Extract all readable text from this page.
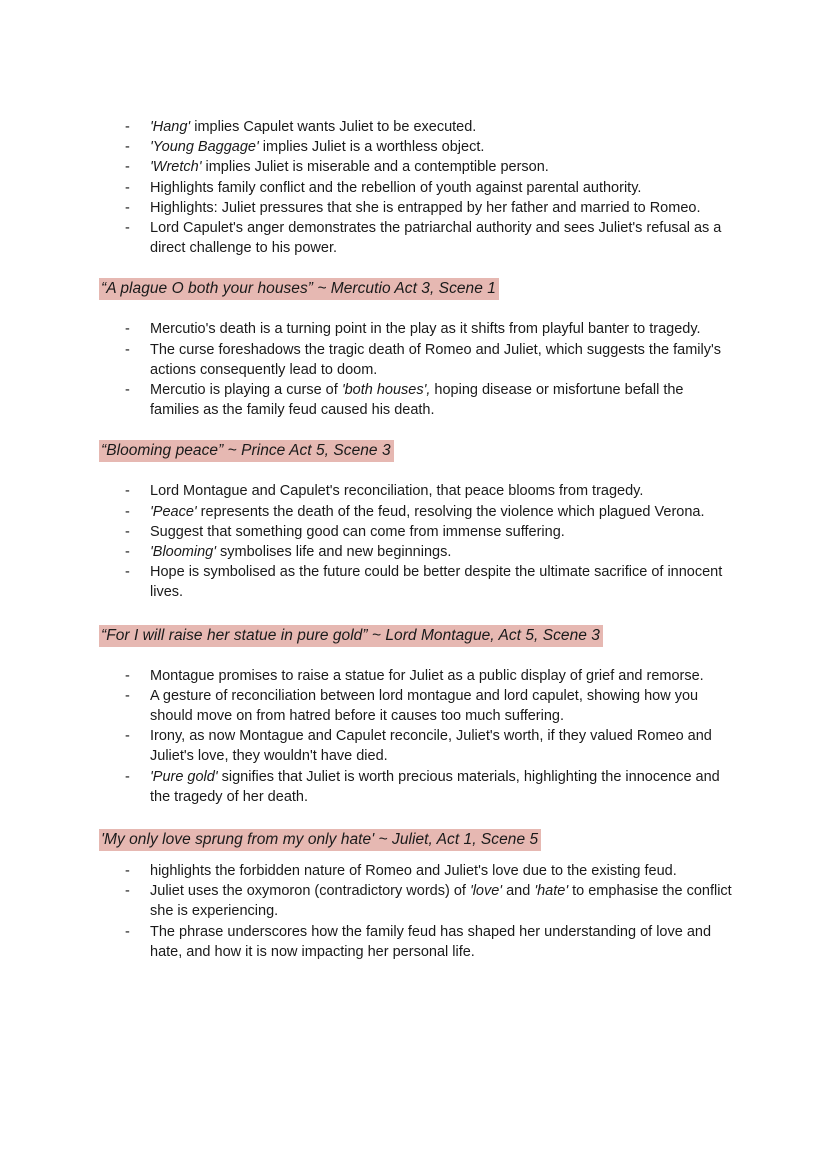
- 'Hang' implies Capulet wants Juliet to be executed.
- 'Young Baggage' implies Juliet is a worthless object.
- 'Wretch' implies Juliet is miserable and a contemptible person.
- Highlights family conflict and the rebellion of youth against parental authority.
- Highlights: Juliet pressures that she is entrapped by her father and married to Romeo.
- Lord Capulet's anger demonstrates the patriarchal authority and sees Juliet's refusal as a direct challenge to his power.
“A plague O both your houses” ~ Mercutio Act 3, Scene 1
- Mercutio's death is a turning point in the play as it shifts from playful banter to tragedy.
- The curse foreshadows the tragic death of Romeo and Juliet, which suggests the family's actions consequently lead to doom.
- Mercutio is playing a curse of 'both houses', hoping disease or misfortune befall the families as the family feud caused his death.
“Blooming peace” ~ Prince Act 5, Scene 3
- Lord Montague and Capulet's reconciliation, that peace blooms from tragedy.
- 'Peace' represents the death of the feud, resolving the violence which plagued Verona.
- Suggest that something good can come from immense suffering.
- 'Blooming' symbolises life and new beginnings.
- Hope is symbolised as the future could be better despite the ultimate sacrifice of innocent lives.
“For I will raise her statue in pure gold” ~ Lord Montague, Act 5, Scene 3
- Montague promises to raise a statue for Juliet as a public display of grief and remorse.
- A gesture of reconciliation between lord montague and lord capulet, showing how you should move on from hatred before it causes too much suffering.
- Irony, as now Montague and Capulet reconcile, Juliet's worth, if they valued Romeo and Juliet's love, they wouldn't have died.
- 'Pure gold' signifies that Juliet is worth precious materials, highlighting the innocence and the tragedy of her death.
'My only love sprung from my only hate' ~ Juliet, Act 1, Scene 5
- highlights the forbidden nature of Romeo and Juliet's love due to the existing feud.
- Juliet uses the oxymoron (contradictory words) of 'love' and 'hate' to emphasise the conflict she is experiencing.
- The phrase underscores how the family feud has shaped her understanding of love and hate, and how it is now impacting her personal life.
